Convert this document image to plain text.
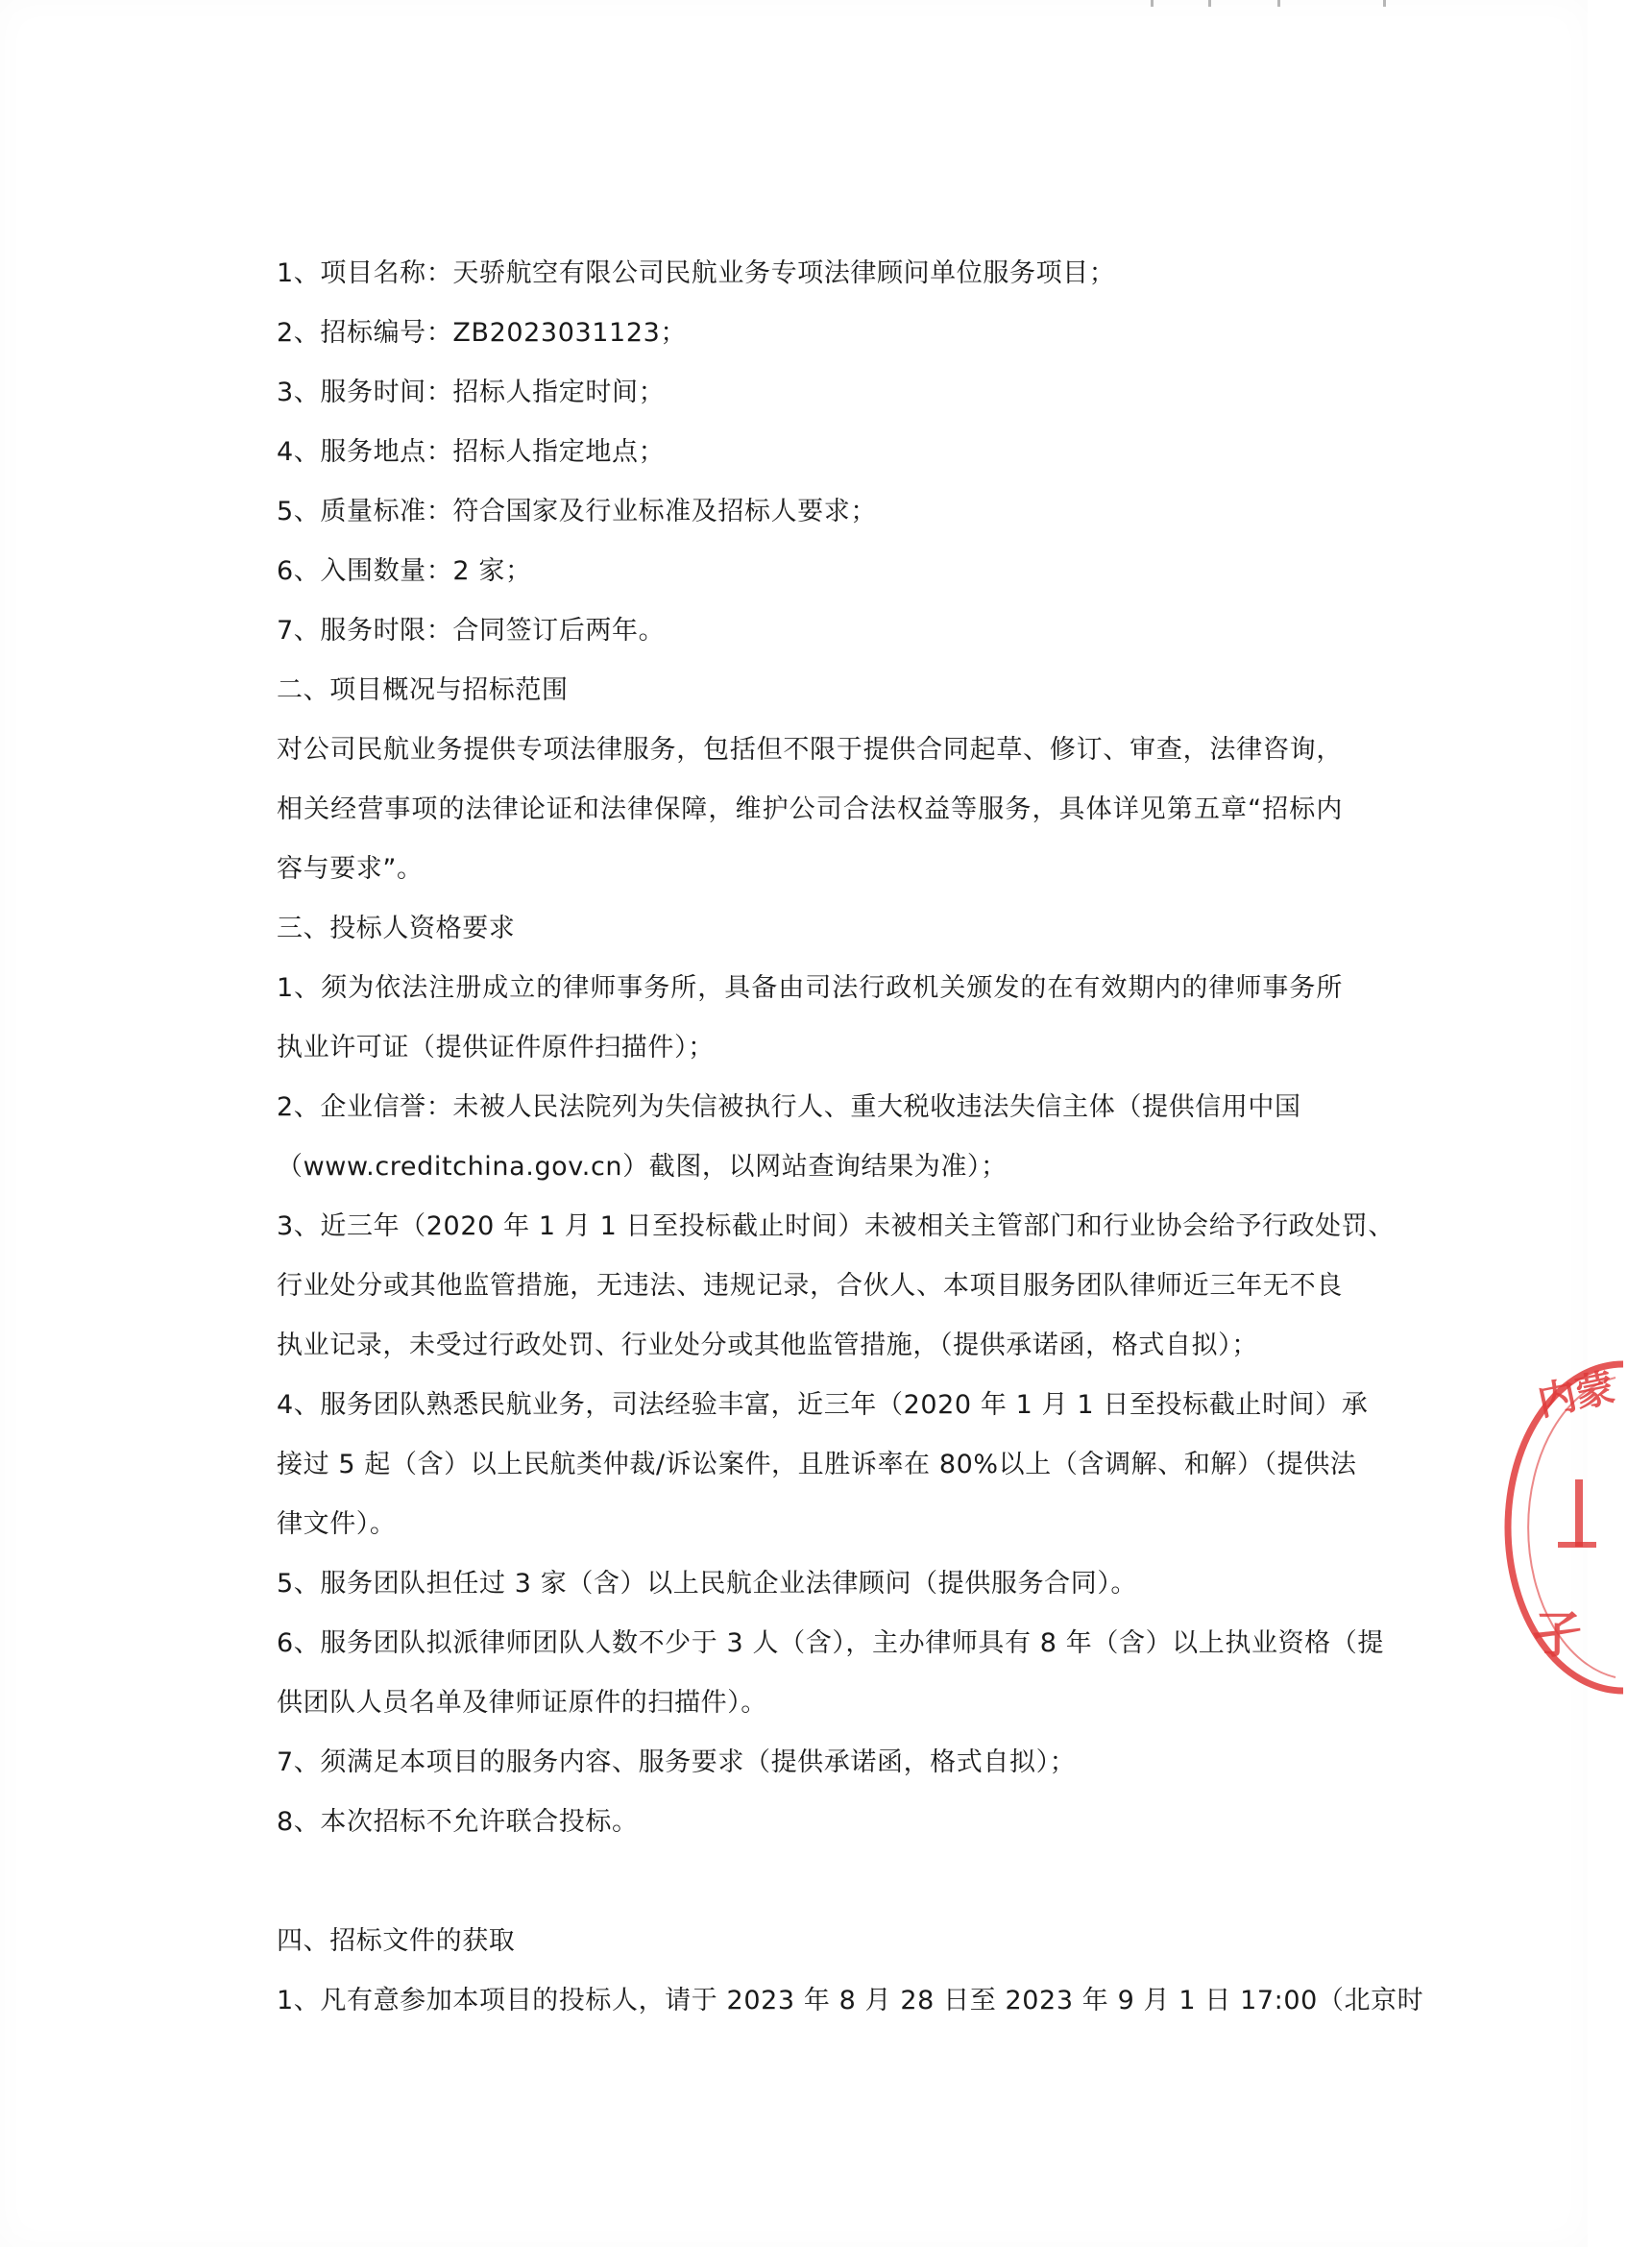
1、项目名称：天骄航空有限公司民航业务专项法律顾问单位服务项目；
2、招标编号：ZB2023031123；
3、服务时间：招标人指定时间；
4、服务地点：招标人指定地点；
5、质量标准：符合国家及行业标准及招标人要求；
6、入围数量：2 家；
7、服务时限：合同签订后两年。
二、项目概况与招标范围
对公司民航业务提供专项法律服务，包括但不限于提供合同起草、修订、审查，法律咨询，
相关经营事项的法律论证和法律保障，维护公司合法权益等服务，具体详见第五章“招标内
容与要求”。
三、投标人资格要求
1、须为依法注册成立的律师事务所，具备由司法行政机关颁发的在有效期内的律师事务所
执业许可证（提供证件原件扫描件）；
2、企业信誉：未被人民法院列为失信被执行人、重大税收违法失信主体（提供信用中国
（www.creditchina.gov.cn）截图，以网站查询结果为准）；
3、近三年（2020 年 1 月 1 日至投标截止时间）未被相关主管部门和行业协会给予行政处罚、
行业处分或其他监管措施，无违法、违规记录，合伙人、本项目服务团队律师近三年无不良
执业记录，未受过行政处罚、行业处分或其他监管措施，（提供承诺函，格式自拟）；
4、服务团队熟悉民航业务，司法经验丰富，近三年（2020 年 1 月 1 日至投标截止时间）承
接过 5 起（含）以上民航类仲裁/诉讼案件，且胜诉率在 80%以上（含调解、和解）（提供法
律文件）。
5、服务团队担任过 3 家（含）以上民航企业法律顾问（提供服务合同）。
6、服务团队拟派律师团队人数不少于 3 人（含），主办律师具有 8 年（含）以上执业资格（提
供团队人员名单及律师证原件的扫描件）。
7、须满足本项目的服务内容、服务要求（提供承诺函，格式自拟）；
8、本次招标不允许联合投标。
四、招标文件的获取
1、凡有意参加本项目的投标人，请于 2023 年 8 月 28 日至 2023 年 9 月 1 日 17:00（北京时
内蒙
孑
